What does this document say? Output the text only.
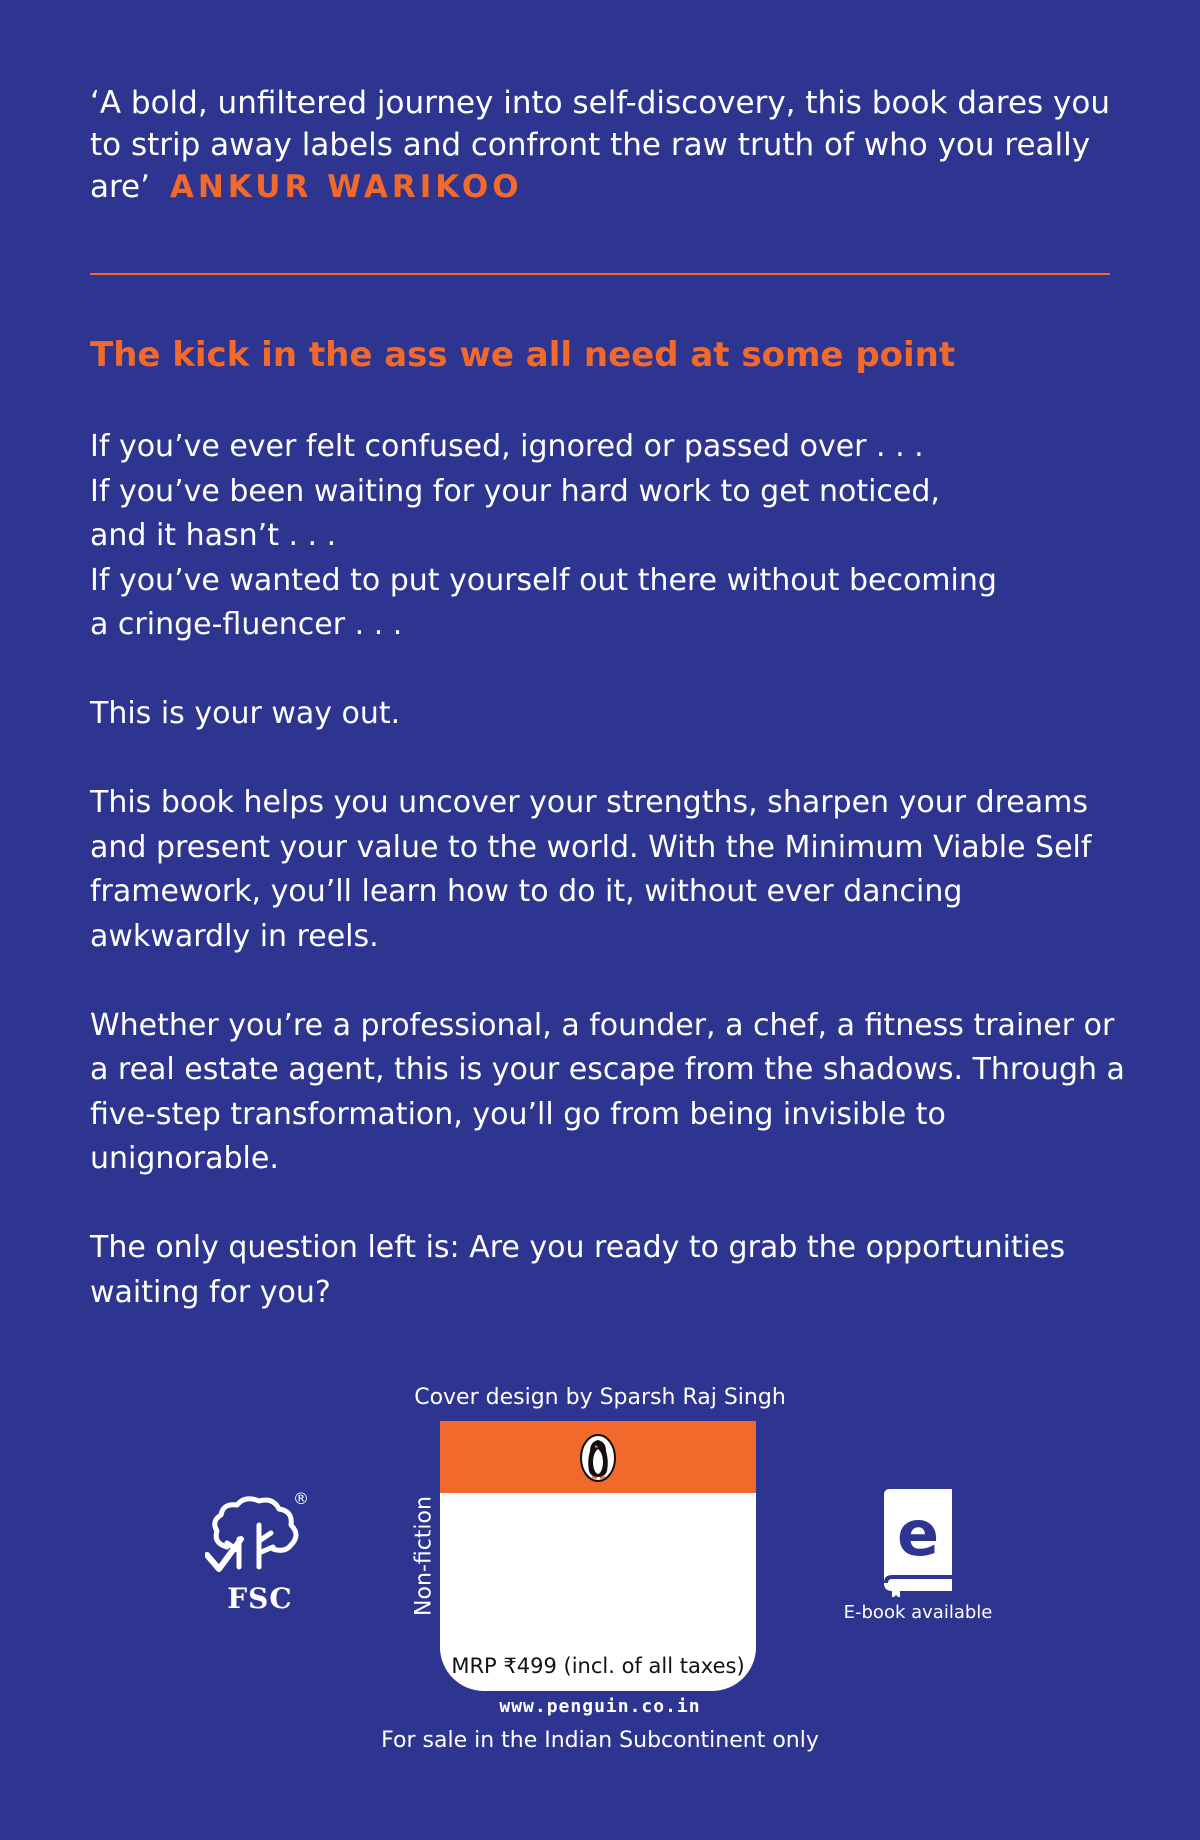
‘A bold, unfiltered journey into self-discovery, this book dares you to strip away labels and confront the raw truth of who you really are’ ANKUR WARIKOO
The kick in the ass we all need at some point

If you’ve ever felt confused, ignored or passed over . . .
If you’ve been waiting for your hard work to get noticed,
and it hasn’t . . .
If you’ve wanted to put yourself out there without becoming
a cringe-fluencer . . .

This is your way out.

This book helps you uncover your strengths, sharpen your dreams and present your value to the world. With the Minimum Viable Self framework, you’ll learn how to do it, without ever dancing awkwardly in reels.

Whether you’re a professional, a founder, a chef, a fitness trainer or a real estate agent, this is your escape from the shadows. Through a five-step transformation, you’ll go from being invisible to unignorable.

The only question left is: Are you ready to grab the opportunities waiting for you?

Cover design by Sparsh Raj Singh
®
FSC	Non-fiction
MRP ₹499 (incl. of all taxes)
e
E-book available
www.penguin.co.in
For sale in the Indian Subcontinent only
